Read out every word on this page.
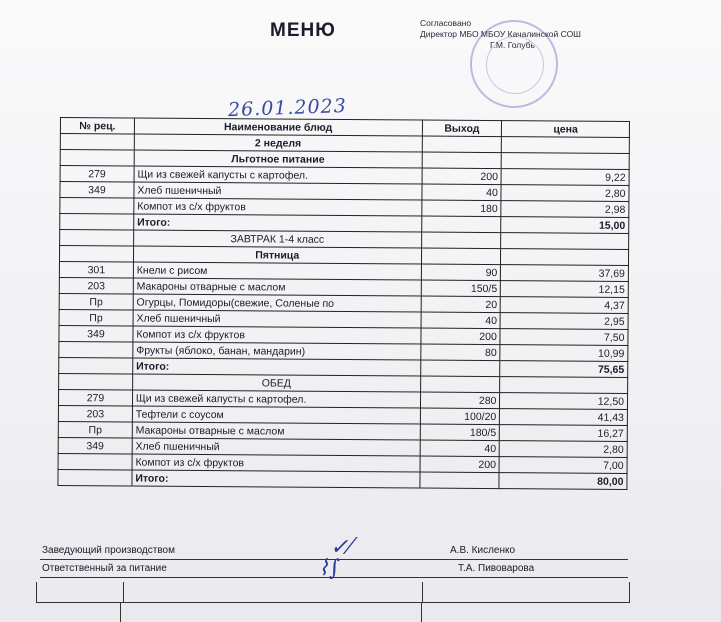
МЕНЮ	Согласовано
Директор МБО МБОУ Качалинской СОШ
Г.М. Голубь
26.01.2023
№ рец.	Наименование блюд	Выход	цена
	2 неделя		
	Льготное питание		
279	Щи из свежей капусты с картофел.	200	9,22
349	Хлеб пшеничный	40	2,80
	Компот из с/х фруктов	180	2,98
	Итого:		15,00
	ЗАВТРАК 1-4 класс		
	Пятница		
301	Кнели с рисом	90	37,69
203	Макароны отварные с маслом	150/5	12,15
Пр	Огурцы, Помидоры(свежие, Соленые по	20	4,37
Пр	Хлеб пшеничный	40	2,95
349	Компот из с/х фруктов	200	7,50
	Фрукты (яблоко, банан, мандарин)	80	10,99
	Итого:		75,65
	ОБЕД		
279	Щи из свежей капусты с картофел.	280	12,50
203	Тефтели с соусом	100/20	41,43
Пр	Макароны отварные с маслом	180/5	16,27
349	Хлеб пшеничный	40	2,80
	Компот из с/х фруктов	200	7,00
	Итого:		80,00
Заведующий производством	А.В. Кисленко
Ответственный за питание	Т.А. Пивоварова
✓⁄
⌇∫
